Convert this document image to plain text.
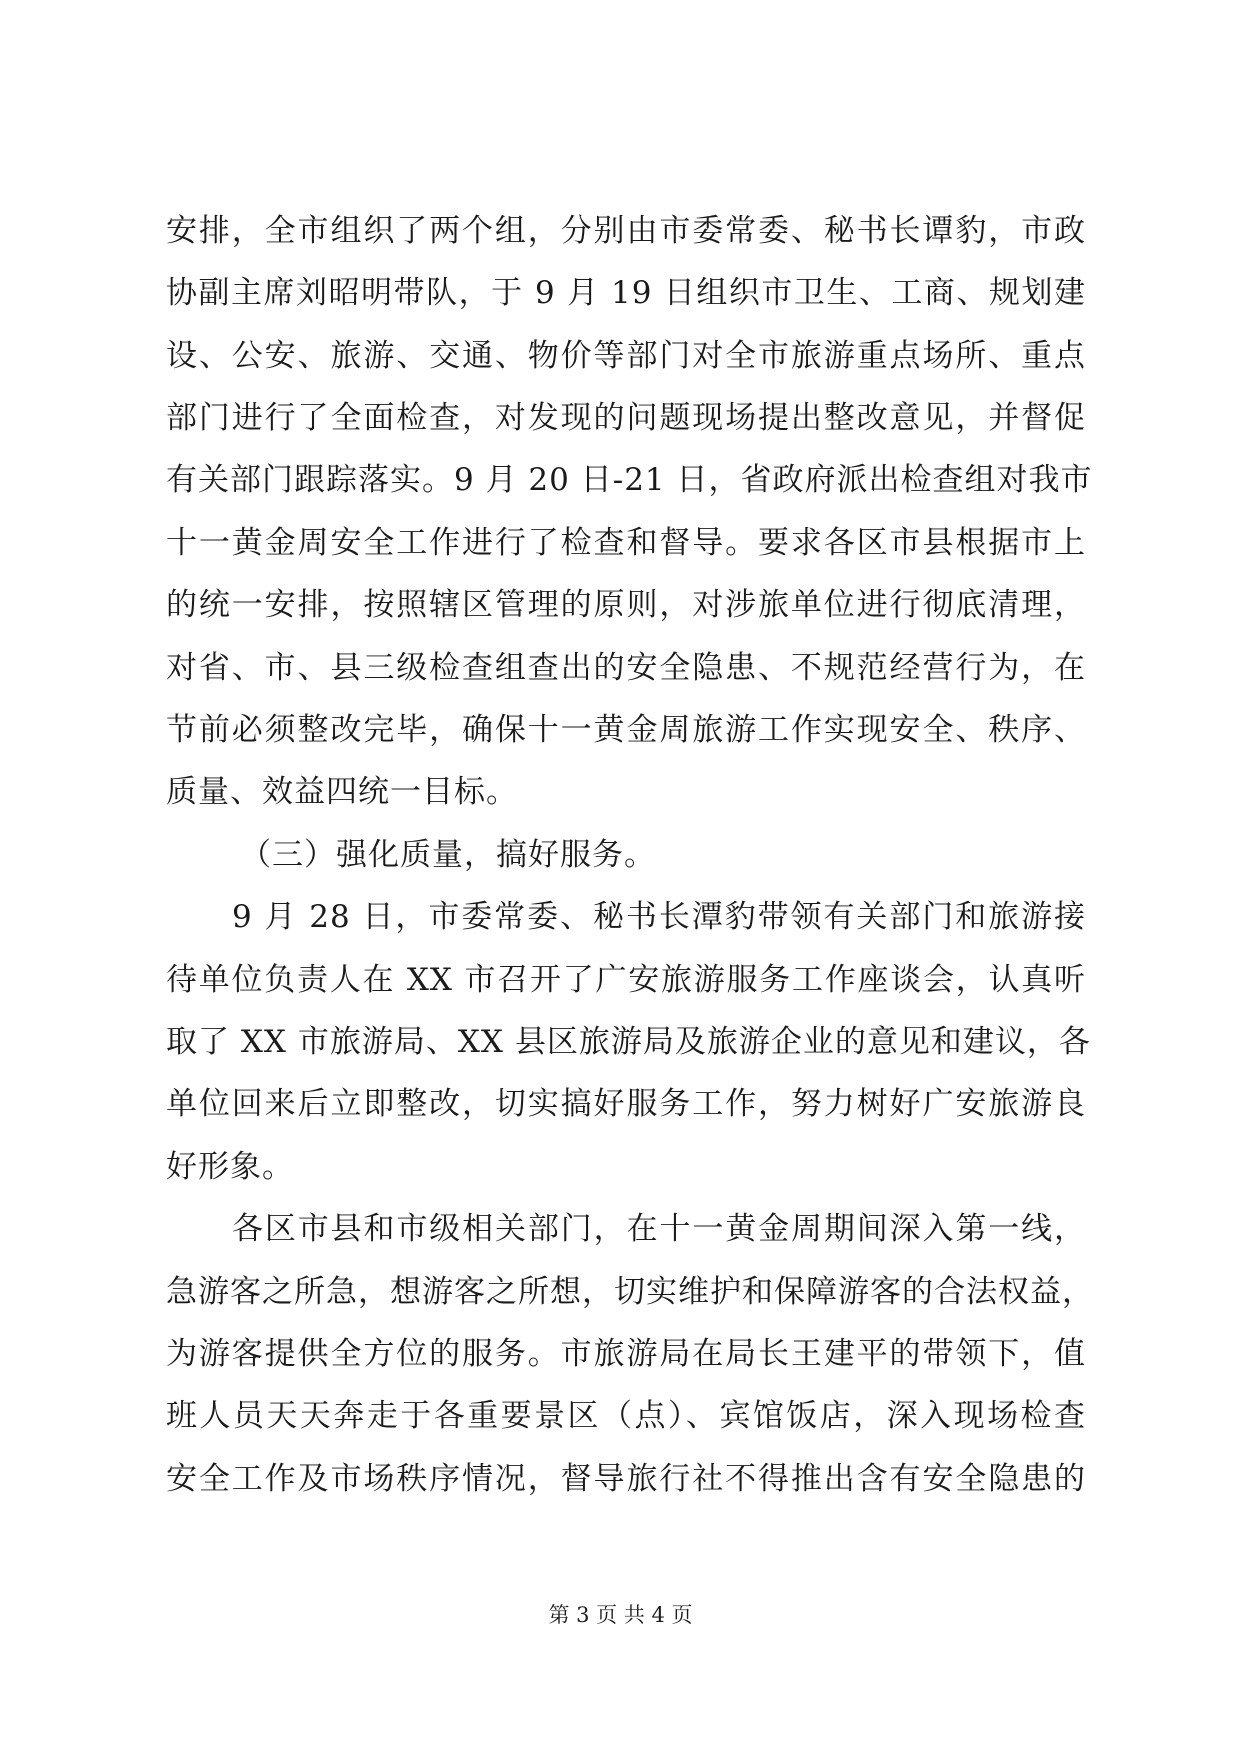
安排，全市组织了两个组，分别由市委常委、秘书长谭豹，市政
协副主席刘昭明带队，于 9 月 19 日组织市卫生、工商、规划建
设、公安、旅游、交通、物价等部门对全市旅游重点场所、重点
部门进行了全面检查，对发现的问题现场提出整改意见，并督促
有关部门跟踪落实。9 月 20 日-21 日，省政府派出检查组对我市
十一黄金周安全工作进行了检查和督导。要求各区市县根据市上
的统一安排，按照辖区管理的原则，对涉旅单位进行彻底清理，
对省、市、县三级检查组查出的安全隐患、不规范经营行为，在
节前必须整改完毕，确保十一黄金周旅游工作实现安全、秩序、
质量、效益四统一目标。
（三）强化质量，搞好服务。
9 月 28 日，市委常委、秘书长潭豹带领有关部门和旅游接
待单位负责人在 XX 市召开了广安旅游服务工作座谈会，认真听
取了 XX 市旅游局、XX 县区旅游局及旅游企业的意见和建议，各
单位回来后立即整改，切实搞好服务工作，努力树好广安旅游良
好形象。
各区市县和市级相关部门，在十一黄金周期间深入第一线，
急游客之所急，想游客之所想，切实维护和保障游客的合法权益，
为游客提供全方位的服务。市旅游局在局长王建平的带领下，值
班人员天天奔走于各重要景区（点）、宾馆饭店，深入现场检查
安全工作及市场秩序情况，督导旅行社不得推出含有安全隐患的
第 3 页 共 4 页
